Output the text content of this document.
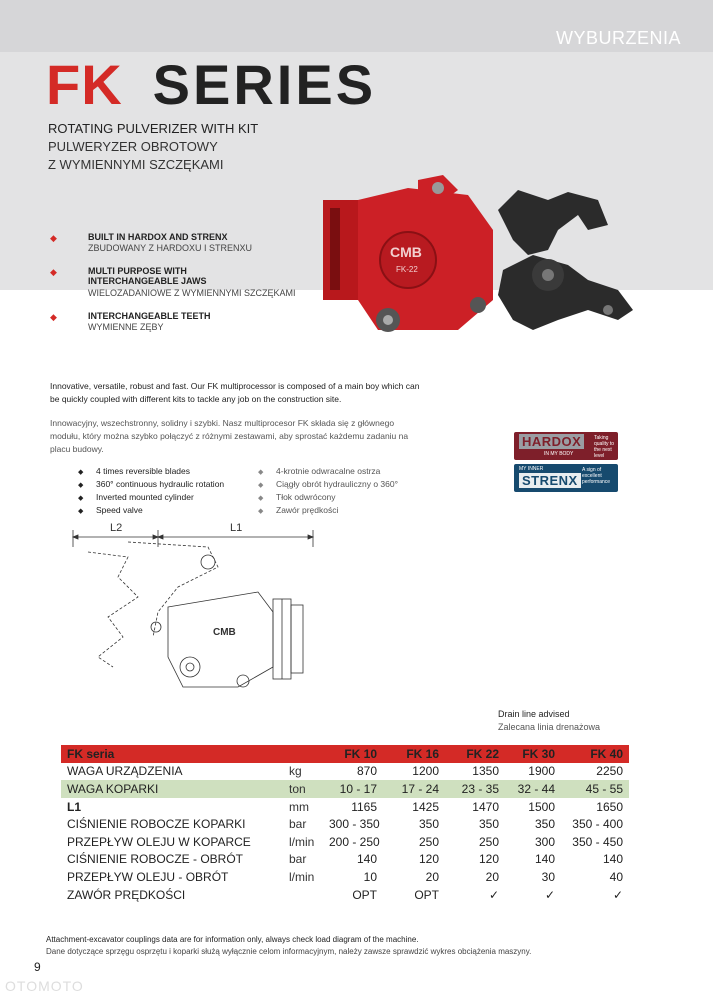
WYBURZENIA
FK SERIES
ROTATING PULVERIZER WITH KIT
PULWERYZER OBROTOWY
Z WYMIENNYMI SZCZĘKAMI
◆	BUILT IN HARDOX AND STRENX
ZBUDOWANY Z HARDOXU I STRENXU
◆	MULTI PURPOSE WITH INTERCHANGEABLE JAWS
WIELOZADANIOWE Z WYMIENNYMI SZCZĘKAMI
◆	INTERCHANGEABLE TEETH
WYMIENNE ZĘBY
CMB
FK-22
Innovative, versatile, robust and fast. Our FK multiprocessor is composed of a main boy which can be quickly coupled with different kits to tackle any job on the construction site.
Innowacyjny, wszechstronny, solidny i szybki. Nasz multiprocesor FK składa się z głównego modułu, który można szybko połączyć z różnymi zestawami, aby sprostać każdemu zadaniu na placu budowy.	HARDOX
IN MY BODY
Taking quality to the next level
MY INNER
STRENX
A sign of excellent performance
◆ 4 times reversible blades
◆ 360° continuous hydraulic rotation
◆ Inverted mounted cylinder
◆ Speed valve
◆ 4-krotnie odwracalne ostrza
◆ Ciągły obrót hydrauliczny o 360°
◆ Tłok odwrócony
◆ Zawór prędkości
L2	L1
CMB
Drain line advised
Zalecana linia drenażowa
FK seria		FK 10	FK 16	FK 22	FK 30	FK 40
WAGA URZĄDZENIA	kg	870	1200	1350	1900	2250
WAGA KOPARKI	ton	10 - 17	17 - 24	23 - 35	32 - 44	45 - 55
L1	mm	1165	1425	1470	1500	1650
CIŚNIENIE ROBOCZE KOPARKI	bar	300 - 350	350	350	350	350 - 400
PRZEPŁYW OLEJU W KOPARCE	l/min	200 - 250	250	250	300	350 - 450
CIŚNIENIE ROBOCZE - OBRÓT	bar	140	120	120	140	140
PRZEPŁYW OLEJU - OBRÓT	l/min	10	20	20	30	40
ZAWÓR PRĘDKOŚCI		OPT	OPT	✓	✓	✓
Attachment-excavator couplings data are for information only, always check load diagram of the machine.
Dane dotyczące sprzęgu osprzętu i koparki służą wyłącznie celom informacyjnym, należy zawsze sprawdzić wykres obciążenia maszyny.
9
OTOMOTO
